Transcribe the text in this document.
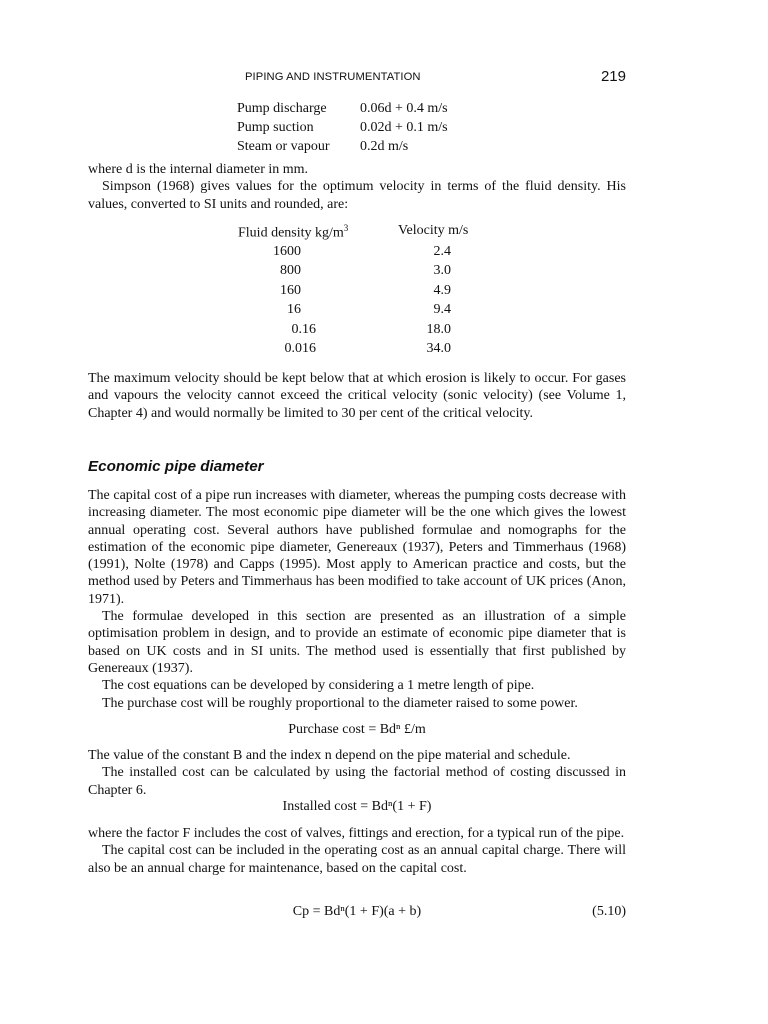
PIPING AND INSTRUMENTATION	219
Pump discharge 0.06d + 0.4 m/s
Pump suction	0.02d + 0.1 m/s
Steam or vapour 0.2d m/s

where d is the internal diameter in mm.

Simpson (1968) gives values for the optimum velocity in terms of the fluid density. His values, converted to SI units and rounded, are:

Fluid density $kg/m^3$	Velocity m/s
1600	2.4
800	3.0
160	4.9
16	9.4
0.16	18.0
0.016	34.0

The maximum velocity should be kept below that at which erosion is likely to occur. For gases and vapours the velocity cannot exceed the critical velocity (sonic velocity) (see Volume 1, Chapter 4) and would normally be limited to 30 per cent of the critical velocity.

Economic pipe diameter

The capital cost of a pipe run increases with diameter, whereas the pumping costs decrease with increasing diameter. The most economic pipe diameter will be the one which gives the lowest annual operating cost. Several authors have published formulae and nomographs for the estimation of the economic pipe diameter, Genereaux (1937), Peters and Timmerhaus (1968) (1991), Nolte (1978) and Capps (1995). Most apply to American practice and costs, but the method used by Peters and Timmerhaus has been modified to take account of UK prices (Anon, 1971).

The formulae developed in this section are presented as an illustration of a simple optimisation problem in design, and to provide an estimate of economic pipe diameter that is based on UK costs and in SI units. The method used is essentially that first published by Genereaux (1937).

The cost equations can be developed by considering a 1 metre length of pipe.

The purchase cost will be roughly proportional to the diameter raised to some power.

Purchase cost = Bdⁿ £/m

The value of the constant B and the index n depend on the pipe material and schedule.

The installed cost can be calculated by using the factorial method of costing discussed in Chapter 6.

Installed cost = Bdⁿ(1 + F)

where the factor F includes the cost of valves, fittings and erection, for a typical run of the pipe.

The capital cost can be included in the operating cost as an annual capital charge. There will also be an annual charge for maintenance, based on the capital cost.

Cp = Bdⁿ(1 + F)(a + b)	(5.10)
